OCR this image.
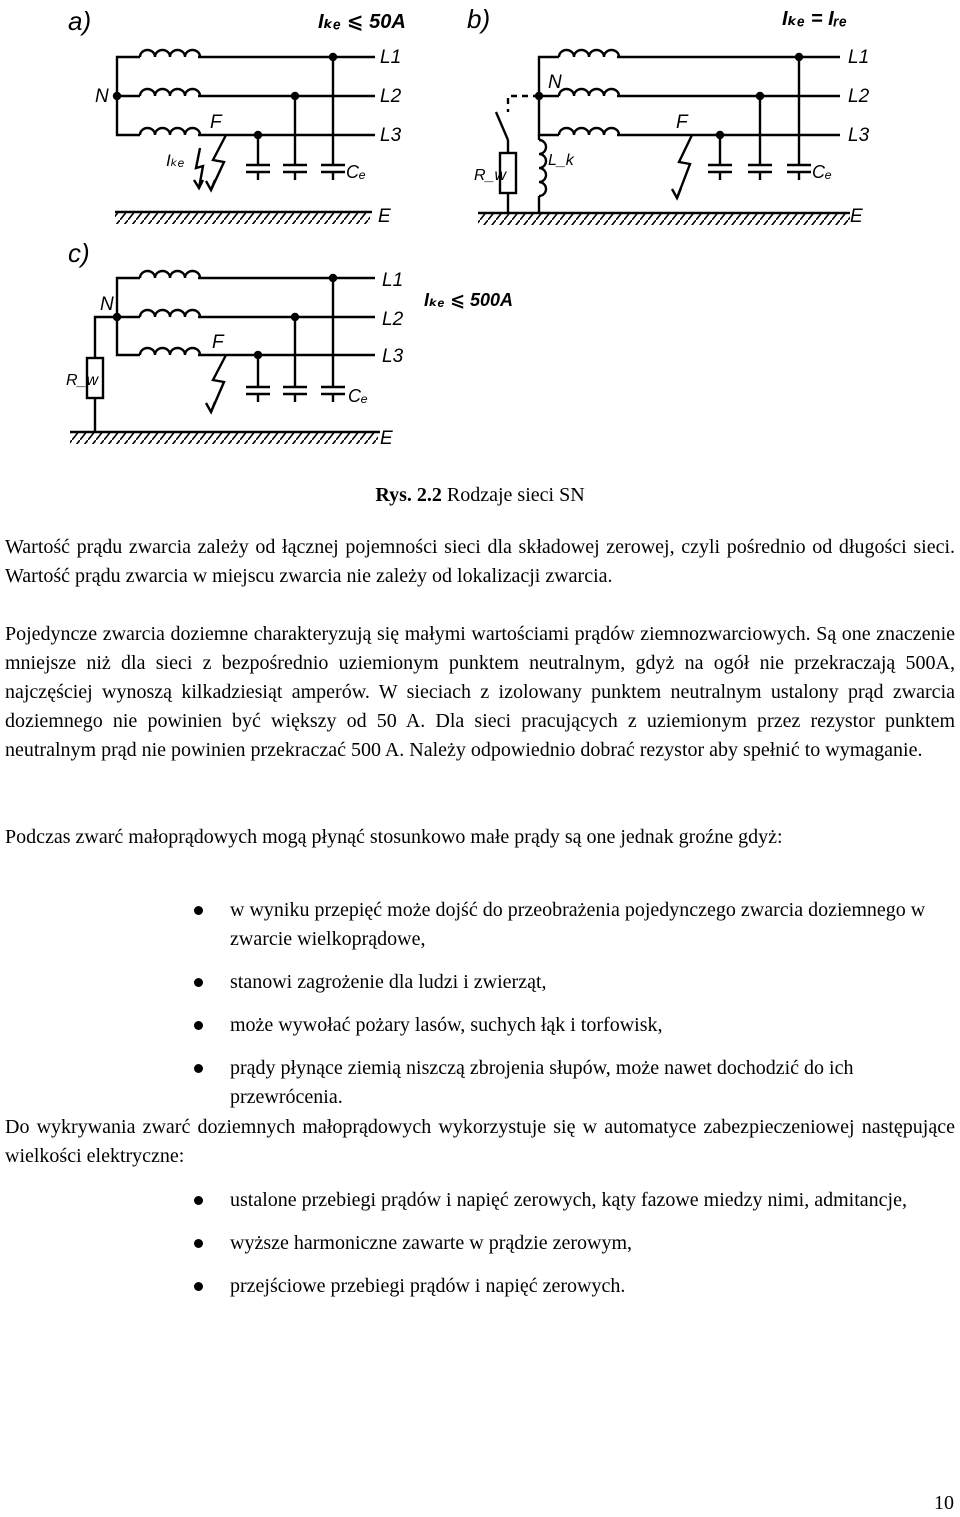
a)	Iₖₑ ⩽ 50A
L1
L2
L3
N
F
Iₖₑ
Cₑ
E
b)	Iₖₑ = Iᵣₑ
L1
L2
L3
N
F
R_w
L_k
Cₑ
E
c)
Iₖₑ ⩽ 500A
L1
L2
L3
N
F
R_w
Cₑ
E
Rys. 2.2 Rodzaje sieci SN

Wartość prądu zwarcia zależy od łącznej pojemności sieci dla składowej zerowej, czyli pośrednio od długości sieci. Wartość prądu zwarcia w miejscu zwarcia nie zależy od lokalizacji zwarcia.

Pojedyncze zwarcia doziemne charakteryzują się małymi wartościami prądów ziemnozwarciowych. Są one znaczenie mniejsze niż dla sieci z bezpośrednio uziemionym punktem neutralnym, gdyż na ogół nie przekraczają 500A, najczęściej wynoszą kilkadziesiąt amperów. W sieciach z izolowany punktem neutralnym ustalony prąd zwarcia doziemnego nie powinien być większy od 50 A. Dla sieci pracujących z uziemionym przez rezystor punktem neutralnym prąd nie powinien przekraczać 500 A. Należy odpowiednio dobrać rezystor aby spełnić to wymaganie.

Podczas zwarć małoprądowych mogą płynąć stosunkowo małe prądy są one jednak groźne gdyż:

w wyniku przepięć może dojść do przeobrażenia pojedynczego zwarcia doziemnego w zwarcie wielkoprądowe,
stanowi zagrożenie dla ludzi i zwierząt,
może wywołać pożary lasów, suchych łąk i torfowisk,
prądy płynące ziemią niszczą zbrojenia słupów, może nawet dochodzić do ich przewrócenia.

Do wykrywania zwarć doziemnych małoprądowych wykorzystuje się w automatyce zabezpieczeniowej następujące wielkości elektryczne:

ustalone przebiegi prądów i napięć zerowych, kąty fazowe miedzy nimi, admitancje,
wyższe harmoniczne zawarte w prądzie zerowym,
przejściowe przebiegi prądów i napięć zerowych.
10
